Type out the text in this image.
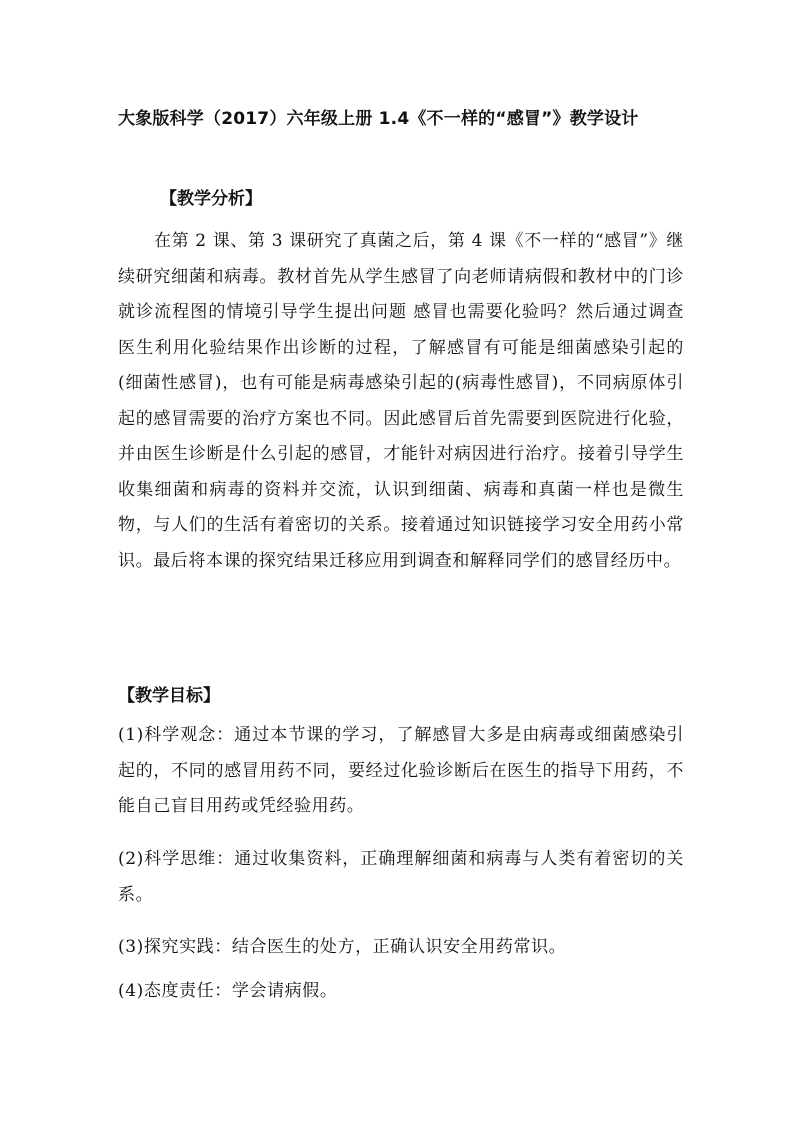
大象版科学（2017）六年级上册 1.4《不一样的“感冒”》教学设计
【教学分析】

在第 2 课、第 3 课研究了真菌之后，第 4 课《不一样的“感冒”》继续研究细菌和病毒。教材首先从学生感冒了向老师请病假和教材中的门诊就诊流程图的情境引导学生提出问题 感冒也需要化验吗？然后通过调查医生利用化验结果作出诊断的过程，了解感冒有可能是细菌感染引起的(细菌性感冒)，也有可能是病毒感染引起的(病毒性感冒)，不同病原体引起的感冒需要的治疗方案也不同。因此感冒后首先需要到医院进行化验，并由医生诊断是什么引起的感冒，才能针对病因进行治疗。接着引导学生收集细菌和病毒的资料并交流，认识到细菌、病毒和真菌一样也是微生物，与人们的生活有着密切的关系。接着通过知识链接学习安全用药小常识。最后将本课的探究结果迁移应用到调查和解释同学们的感冒经历中。

【教学目标】

(1)科学观念：通过本节课的学习，了解感冒大多是由病毒或细菌感染引起的，不同的感冒用药不同，要经过化验诊断后在医生的指导下用药，不能自己盲目用药或凭经验用药。

(2)科学思维：通过收集资料，正确理解细菌和病毒与人类有着密切的关系。

(3)探究实践：结合医生的处方，正确认识安全用药常识。

(4)态度责任：学会请病假。
